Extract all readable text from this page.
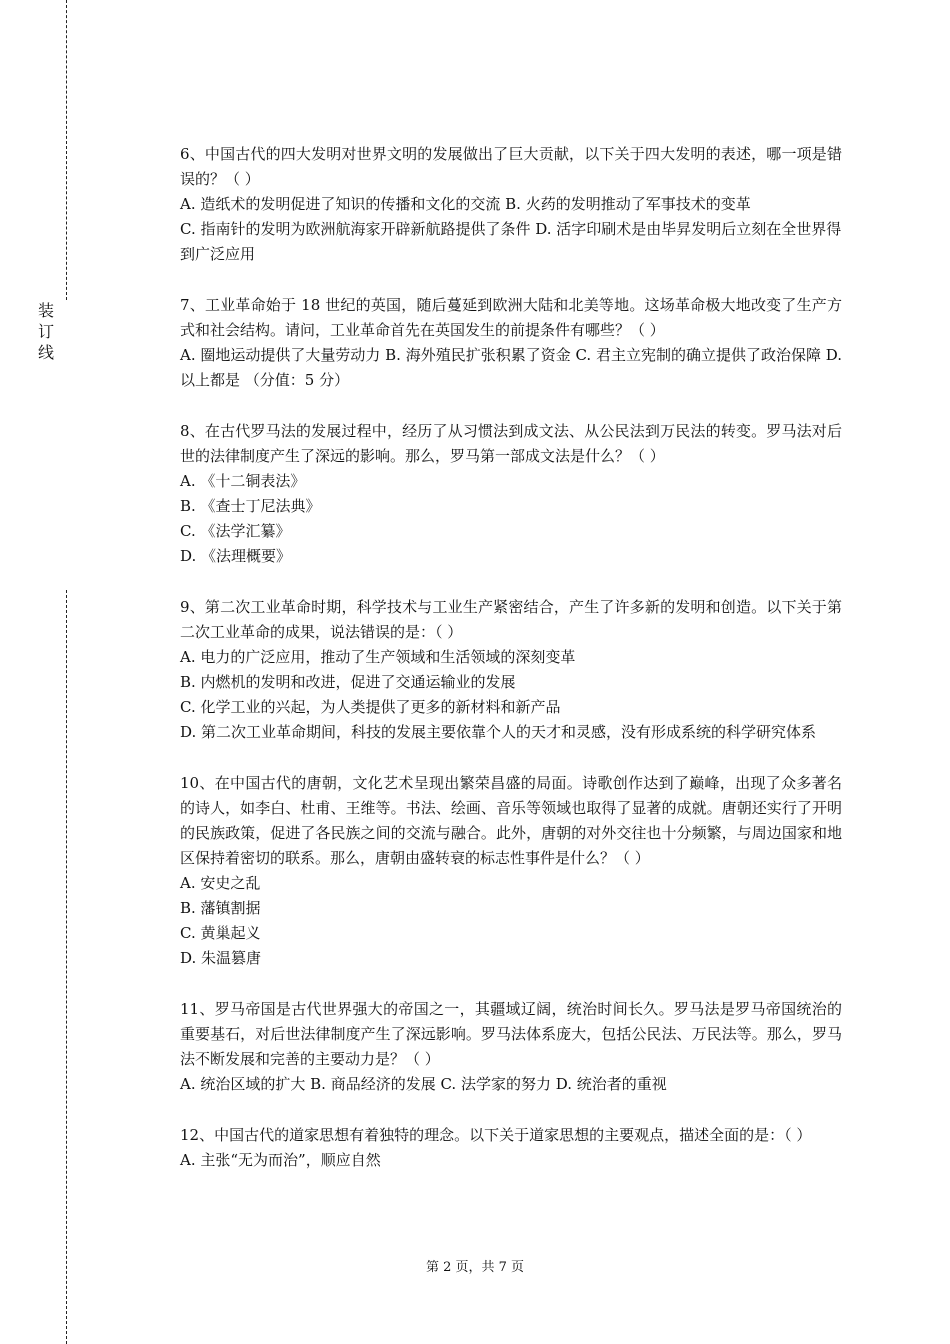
装
订
线

6、中国古代的四大发明对世界文明的发展做出了巨大贡献，以下关于四大发明的表述，哪一项是错误的？（ ）

A. 造纸术的发明促进了知识的传播和文化的交流 B. 火药的发明推动了军事技术的变革

C. 指南针的发明为欧洲航海家开辟新航路提供了条件 D. 活字印刷术是由毕昇发明后立刻在全世界得到广泛应用

7、工业革命始于 18 世纪的英国，随后蔓延到欧洲大陆和北美等地。这场革命极大地改变了生产方式和社会结构。请问，工业革命首先在英国发生的前提条件有哪些？（ ）

A. 圈地运动提供了大量劳动力 B. 海外殖民扩张积累了资金 C. 君主立宪制的确立提供了政治保障 D. 以上都是 （分值：5 分）

8、在古代罗马法的发展过程中，经历了从习惯法到成文法、从公民法到万民法的转变。罗马法对后世的法律制度产生了深远的影响。那么，罗马第一部成文法是什么？（ ）

A. 《十二铜表法》

B. 《查士丁尼法典》

C. 《法学汇纂》

D. 《法理概要》

9、第二次工业革命时期，科学技术与工业生产紧密结合，产生了许多新的发明和创造。以下关于第二次工业革命的成果，说法错误的是：（ ）

A. 电力的广泛应用，推动了生产领域和生活领域的深刻变革

B. 内燃机的发明和改进，促进了交通运输业的发展

C. 化学工业的兴起，为人类提供了更多的新材料和新产品

D. 第二次工业革命期间，科技的发展主要依靠个人的天才和灵感，没有形成系统的科学研究体系

10、在中国古代的唐朝，文化艺术呈现出繁荣昌盛的局面。诗歌创作达到了巅峰，出现了众多著名的诗人，如李白、杜甫、王维等。书法、绘画、音乐等领域也取得了显著的成就。唐朝还实行了开明的民族政策，促进了各民族之间的交流与融合。此外，唐朝的对外交往也十分频繁，与周边国家和地区保持着密切的联系。那么，唐朝由盛转衰的标志性事件是什么？（ ）

A. 安史之乱

B. 藩镇割据

C. 黄巢起义

D. 朱温篡唐

11、罗马帝国是古代世界强大的帝国之一，其疆域辽阔，统治时间长久。罗马法是罗马帝国统治的重要基石，对后世法律制度产生了深远影响。罗马法体系庞大，包括公民法、万民法等。那么，罗马法不断发展和完善的主要动力是？（ ）

A. 统治区域的扩大 B. 商品经济的发展 C. 法学家的努力 D. 统治者的重视

12、中国古代的道家思想有着独特的理念。以下关于道家思想的主要观点，描述全面的是：（ ）

A. 主张“无为而治”，顺应自然

第 2 页，共 7 页
